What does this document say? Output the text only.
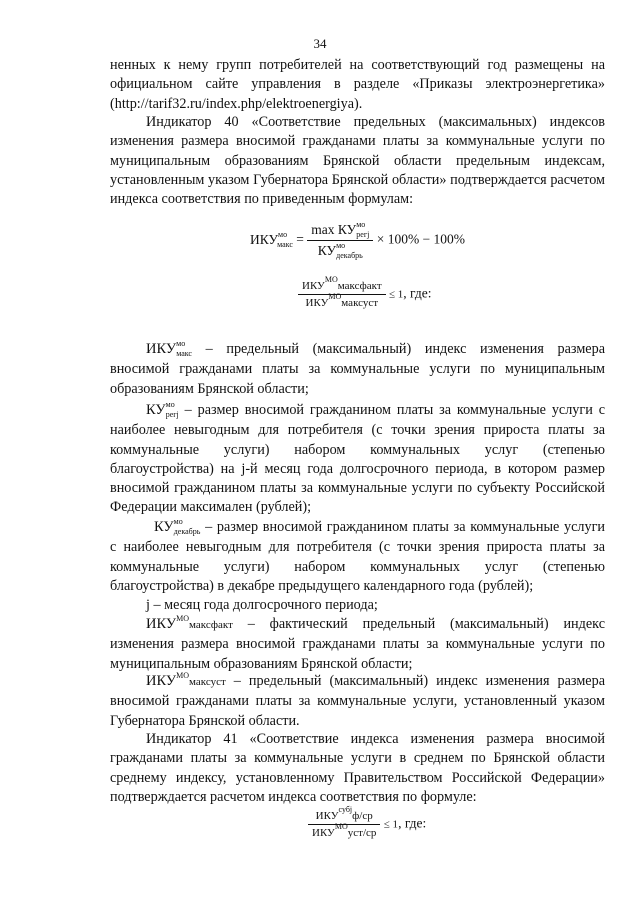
34

ненных к нему групп потребителей на соответствующий год размещены на официальном сайте управления в разделе «Приказы электроэнергетика» (http://tarif32.ru/index.php/elektroenergiya).

Индикатор 40 «Соответствие предельных (максимальных) индексов изменения размера вносимой гражданами платы за коммунальные услуги по муниципальным образованиям Брянской области предельным индексам, установленным указом Губернатора Брянской области» подтверждается расчетом индекса соответствия по приведенным формулам:

$ИКУ^{мо}_{макс} = \frac{\max КУ^{мо}_{регj}}{КУ^{мо}_{декабрь}} \times 100\% - 100\%$
$\frac{ИКУ^{МО}максфакт}{ИКУ^{МО}максуст} \le 1$, где:

$ИКУ^{мо}_{макс}$ – предельный (максимальный) индекс изменения размера вносимой гражданами платы за коммунальные услуги по муниципальным образованиям Брянской области;

$КУ^{мо}_{регj}$ – размер вносимой гражданином платы за коммунальные услуги с наиболее невыгодным для потребителя (с точки зрения прироста платы за коммунальные услуги) набором коммунальных услуг (степенью благоустройства) на j-й месяц года долгосрочного периода, в котором размер вносимой гражданином платы за коммунальные услуги по субъекту Российской Федерации максимален (рублей);

$КУ^{мо}_{декабрь}$ – размер вносимой гражданином платы за коммунальные услуги с наиболее невыгодным для потребителя (с точки зрения прироста платы за коммунальные услуги) набором коммунальных услуг (степенью благоустройства) в декабре предыдущего календарного года (рублей);

j – месяц года долгосрочного периода;

$ИКУ^{МО}максфакт$ – фактический предельный (максимальный) индекс изменения размера вносимой гражданами платы за коммунальные услуги по муниципальным образованиям Брянской области;

$ИКУ^{МО}максуст$ – предельный (максимальный) индекс изменения размера вносимой гражданами платы за коммунальные услуги, установленный указом Губернатора Брянской области.

Индикатор 41 «Соответствие индекса изменения размера вносимой гражданами платы за коммунальные услуги в среднем по Брянской области среднему индексу, установленному Правительством Российской Федерации» подтверждается расчетом индекса соответствия по формуле:

$\frac{ИКУ^{субj}ф/ср}{ИКУ^{МО}уст/ср} \le 1$, где:
